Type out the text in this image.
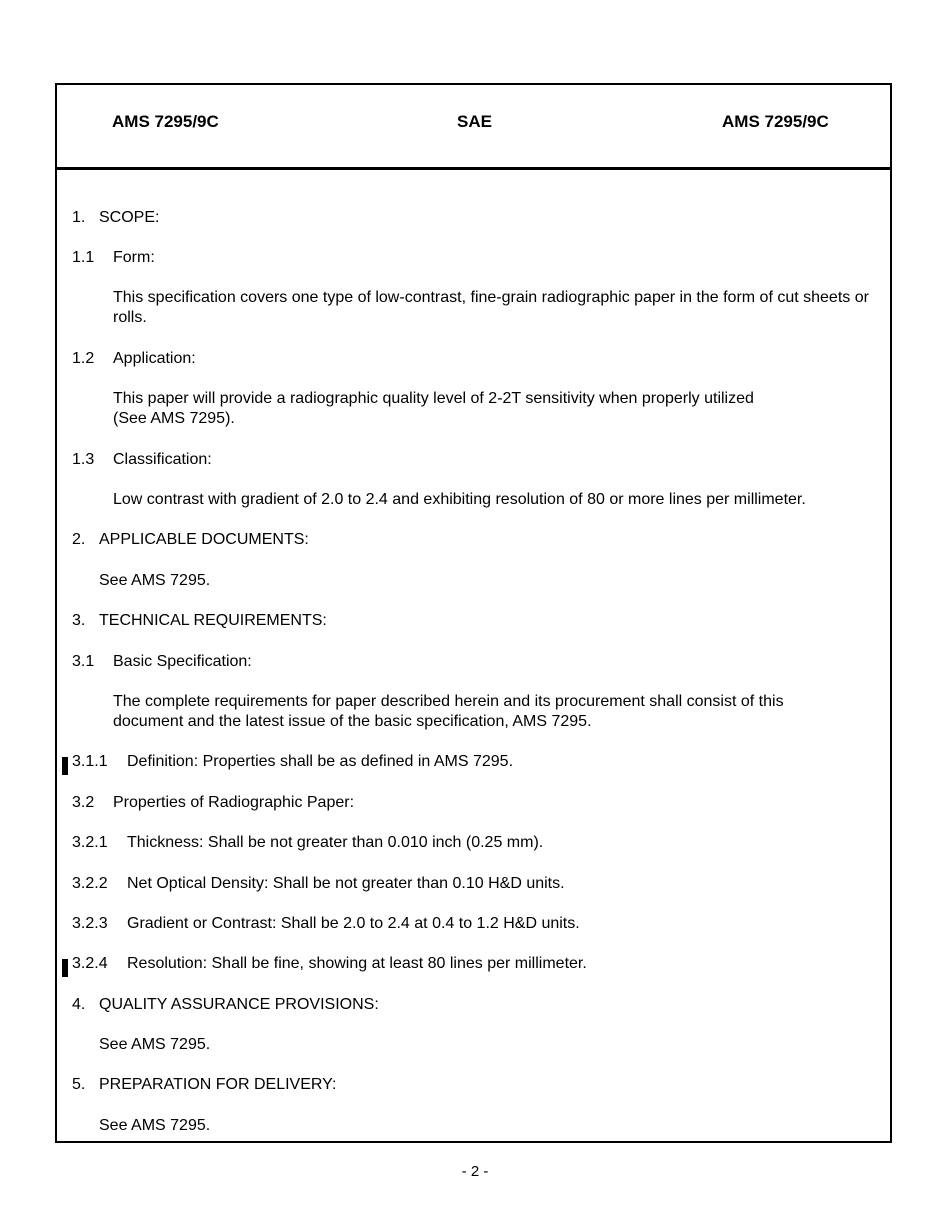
AMS 7295/9C	SAE	AMS 7295/9C
1. SCOPE:
1.1 Form:
This specification covers one type of low-contrast, fine-grain radiographic paper in the form of cut sheets or rolls.
1.2 Application:
This paper will provide a radiographic quality level of 2-2T sensitivity when properly utilized
(See AMS 7295).
1.3 Classification:
Low contrast with gradient of 2.0 to 2.4 and exhibiting resolution of 80 or more lines per millimeter.
2. APPLICABLE DOCUMENTS:
See AMS 7295.
3. TECHNICAL REQUIREMENTS:
3.1 Basic Specification:
The complete requirements for paper described herein and its procurement shall consist of this
document and the latest issue of the basic specification, AMS 7295.
3.1.1 Definition: Properties shall be as defined in AMS 7295.
3.2 Properties of Radiographic Paper:
3.2.1 Thickness: Shall be not greater than 0.010 inch (0.25 mm).
3.2.2 Net Optical Density: Shall be not greater than 0.10 H&D units.
3.2.3 Gradient or Contrast: Shall be 2.0 to 2.4 at 0.4 to 1.2 H&D units.
3.2.4 Resolution: Shall be fine, showing at least 80 lines per millimeter.
4. QUALITY ASSURANCE PROVISIONS:
See AMS 7295.
5. PREPARATION FOR DELIVERY:
See AMS 7295.
- 2 -
